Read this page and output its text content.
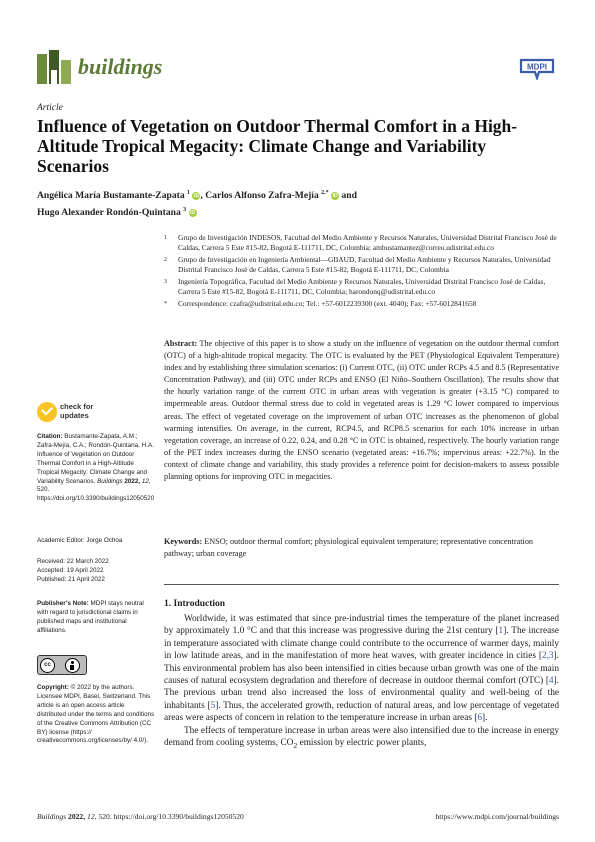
buildings	MDPI
Article
Influence of Vegetation on Outdoor Thermal Comfort in a High-Altitude Tropical Megacity: Climate Change and Variability Scenarios
Angélica María Bustamante-Zapata $^1$ iD , Carlos Alfonso Zafra-Mejía $^{2,*}$ iD and
Hugo Alexander Rondón-Quintana $^3$ iD
1 Grupo de Investigación INDESOS, Facultad del Medio Ambiente y Recursos Naturales, Universidad Distrital Francisco José de Caldas, Carrera 5 Este #15-82, Bogotá E-111711, DC, Colombia; ambustamantez@correo.udistrital.edu.co
2 Grupo de Investigación en Ingeniería Ambiental—GIIAUD, Facultad del Medio Ambiente y Recursos Naturales, Universidad Distrital Francisco José de Caldas, Carrera 5 Este #15-82, Bogotá E-111711, DC, Colombia
3 Ingeniería Topográfica, Facultad del Medio Ambiente y Recursos Naturales, Universidad Distrital Francisco José de Caldas, Carrera 5 Este #15-82, Bogotá E-111711, DC, Colombia; harondonq@udistrital.edu.co
* Correspondence: czafra@udistrital.edu.co; Tel.: +57-6012239300 (ext. 4040); Fax: +57-6012841658
Abstract: The objective of this paper is to show a study on the influence of vegetation on the outdoor thermal comfort (OTC) of a high-altitude tropical megacity. The OTC is evaluated by the PET (Physiological Equivalent Temperature) index and by establishing three simulation scenarios: (i) Current OTC, (ii) OTC under RCPs 4.5 and 8.5 (Representative Concentration Pathway), and (iii) OTC under RCPs and ENSO (El Niño–Southern Oscillation). The results show that the hourly variation range of the current OTC in urban areas with vegetation is greater (+3.15 °C) compared to impermeable areas. Outdoor thermal stress due to cold in vegetated areas is 1.29 °C lower compared to impervious areas. The effect of vegetated coverage on the improvement of urban OTC increases as the phenomenon of global warming intensifies. On average, in the current, RCP4.5, and RCP8.5 scenarios for each 10% increase in urban vegetation coverage, an increase of 0.22, 0.24, and 0.28 °C in OTC is obtained, respectively. The hourly variation range of the PET index increases during the ENSO scenario (vegetated areas: +16.7%; impervious areas: +22.7%). In the context of climate change and variability, this study provides a reference point for decision-makers to assess possible planning options for improving OTC in megacities.
Keywords: ENSO; outdoor thermal comfort; physiological equivalent temperature; representative concentration pathway; urban coverage
1. Introduction

Worldwide, it was estimated that since pre-industrial times the temperature of the planet increased by approximately 1.0 °C and that this increase was progressive during the 21st century [1]. The increase in temperature associated with climate change could contribute to the occurrence of warmer days, mainly in low latitude areas, and in the manifestation of more heat waves, with greater incidence in cities [2,3]. This environmental problem has also been intensified in cities because urban growth was one of the main causes of natural ecosystem degradation and therefore of decrease in outdoor thermal comfort (OTC) [4]. The previous urban trend also increased the loss of environmental quality and well-being of the inhabitants [5]. Thus, the accelerated growth, reduction of natural areas, and low percentage of vegetated areas were aspects of concern in relation to the temperature increase in urban areas [6].

The effects of temperature increase in urban areas were also intensified due to the increase in energy demand from cooling systems, $CO_2$ emission by electric power plants,

check for
updates
Citation: Bustamante-Zapata, A.M.; Zafra-Mejía, C.A.; Rondón-Quintana, H.A. Influence of Vegetation on Outdoor Thermal Comfort in a High-Altitude Tropical Megacity: Climate Change and Variability Scenarios. Buildings 2022, 12, 520. https://doi.org/10.3390/buildings12050520
Academic Editor: Jorge Ochoa
Received: 22 March 2022
Accepted: 19 April 2022
Published: 21 April 2022
Publisher’s Note: MDPI stays neutral with regard to jurisdictional claims in published maps and institutional affiliations.
cc
Copyright: © 2022 by the authors. Licensee MDPI, Basel, Switzerland. This article is an open access article distributed under the terms and conditions of the Creative Commons Attribution (CC BY) license (https:// creativecommons.org/licenses/by/ 4.0/).
Buildings 2022, 12, 520. https://doi.org/10.3390/buildings12050520	https://www.mdpi.com/journal/buildings
